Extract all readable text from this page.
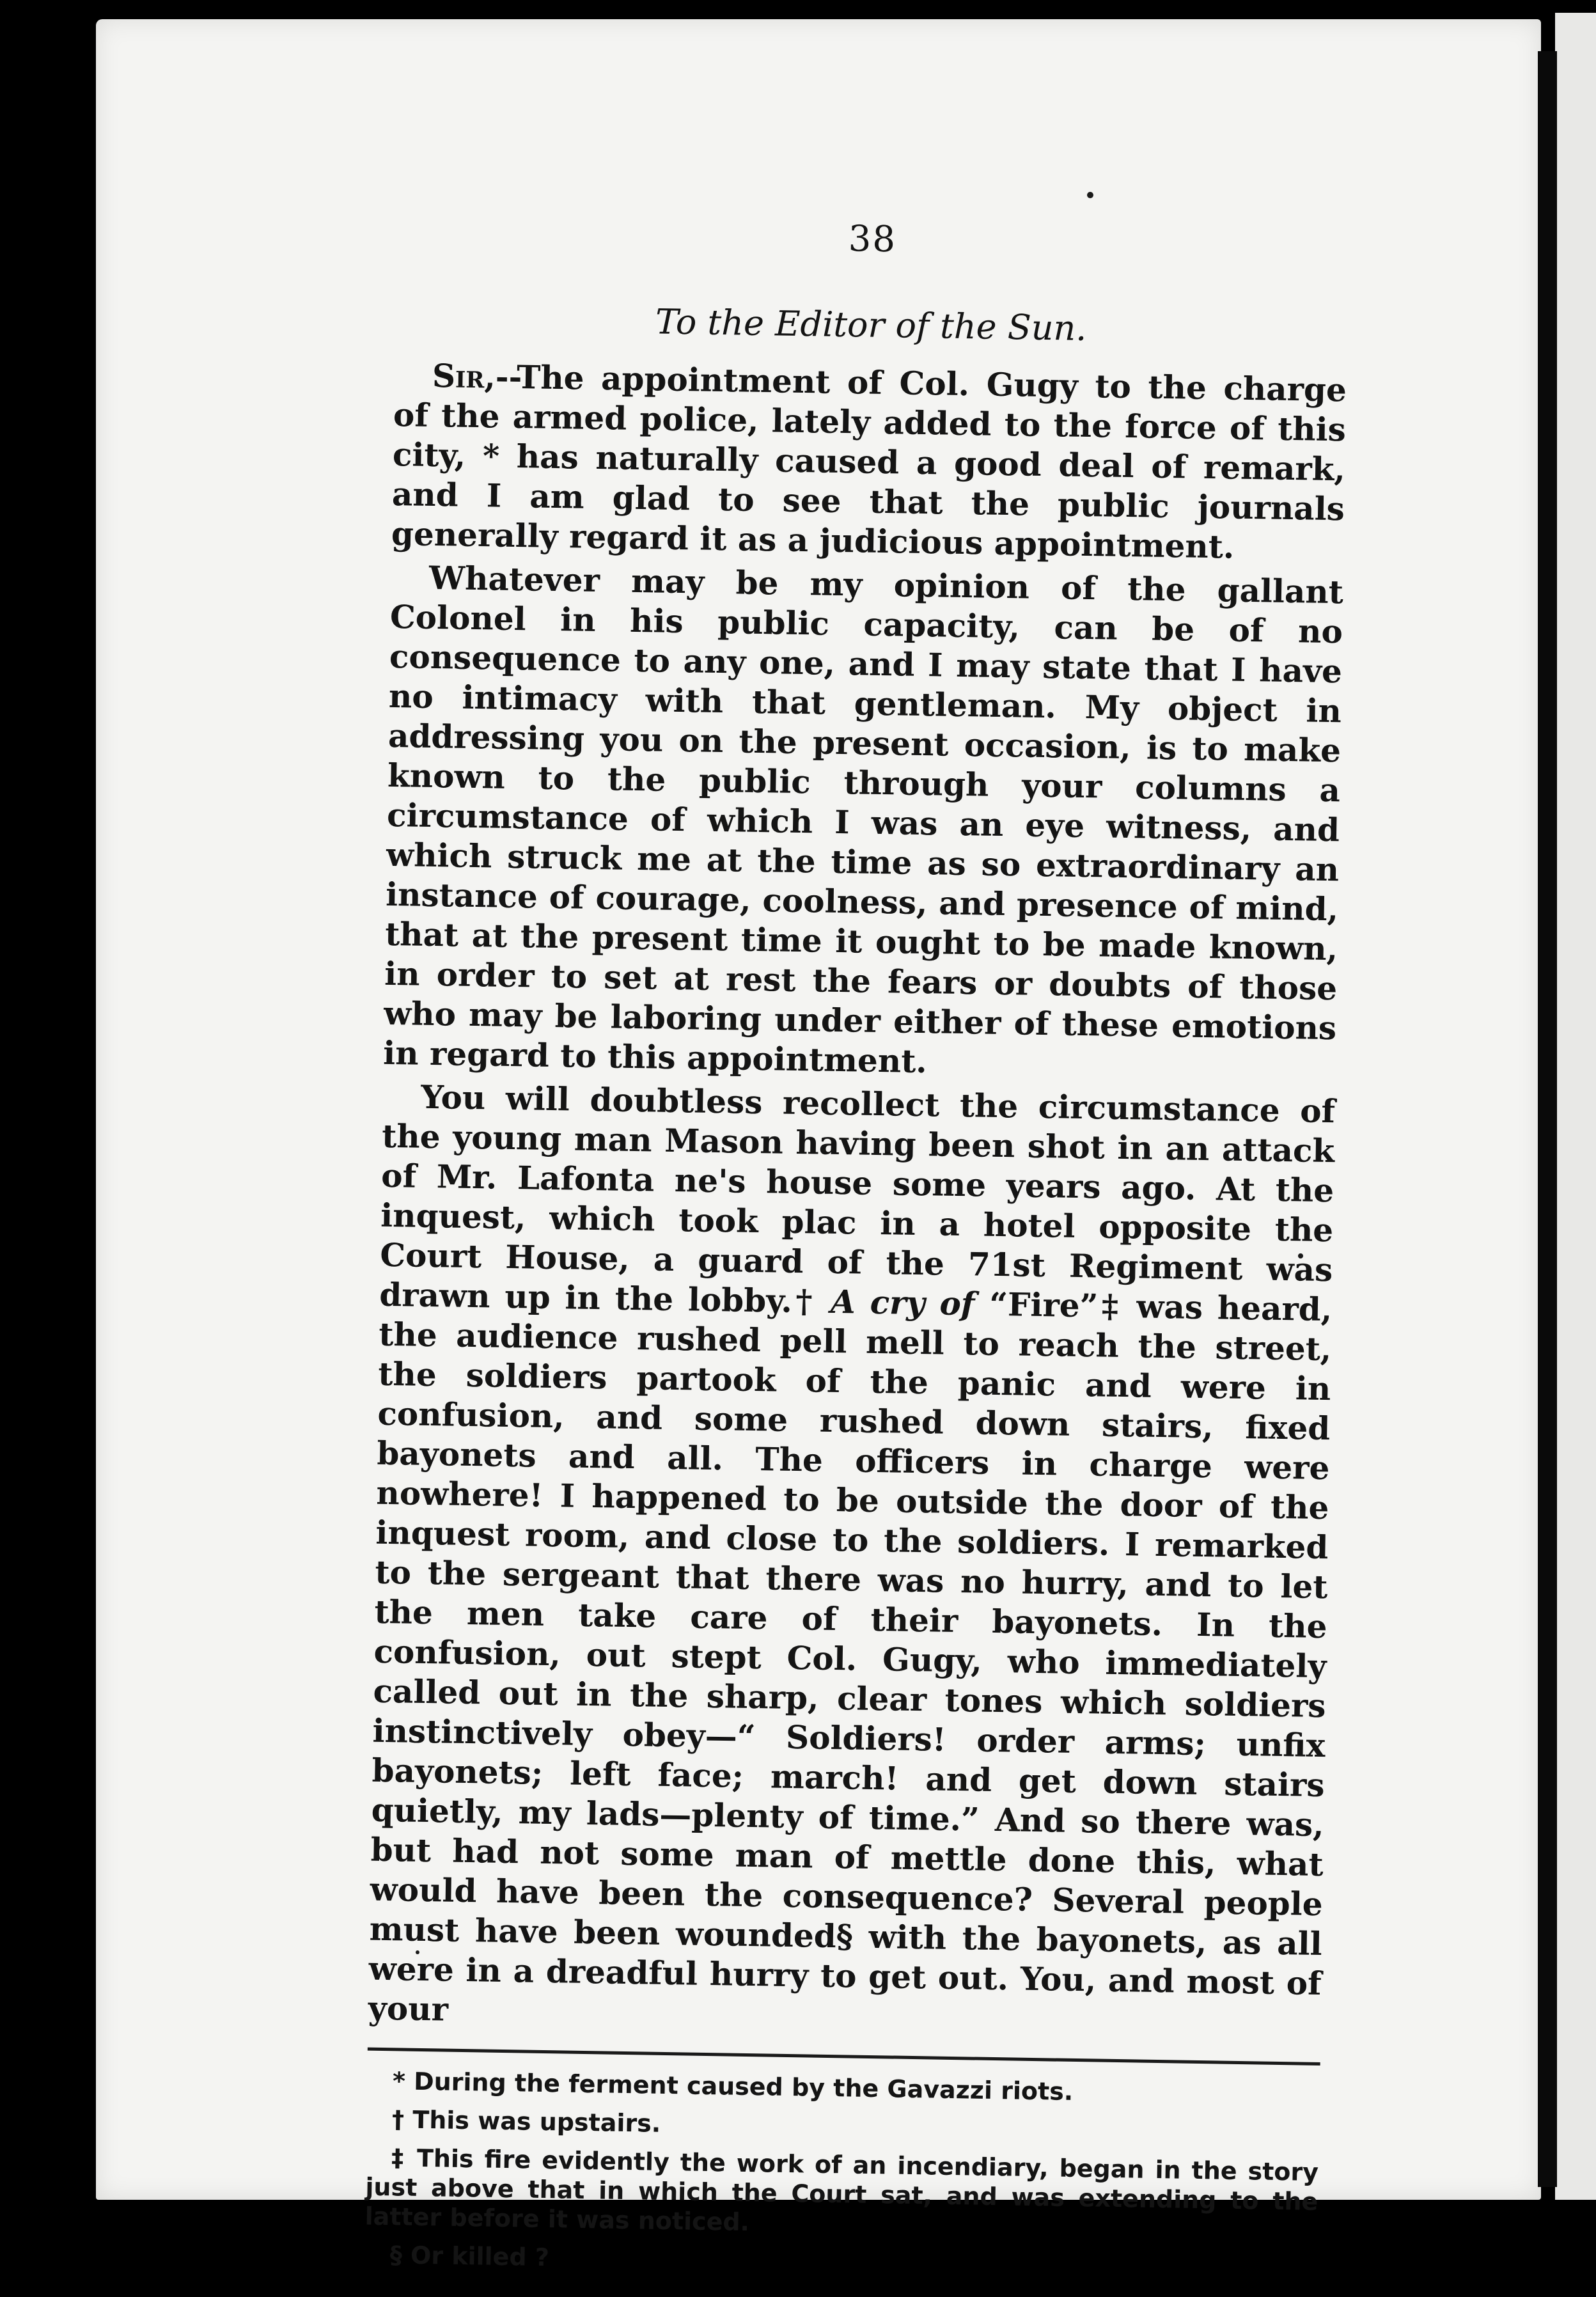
38
To the Editor of the Sun.

Sir,--The appointment of Col. Gugy to the charge of the armed police, lately added to the force of this city, * has naturally caused a good deal of remark, and I am glad to see that the public journals generally regard it as a judicious appointment.

Whatever may be my opinion of the gallant Colonel in his public capacity, can be of no consequence to any one, and I may state that I have no intimacy with that gentleman. My object in addressing you on the present occasion, is to make known to the public through your columns a circumstance of which I was an eye witness, and which struck me at the time as so extraordinary an instance of courage, coolness, and presence of mind, that at the present time it ought to be made known, in order to set at rest the fears or doubts of those who may be laboring under either of these emotions in regard to this appointment.

You will doubtless recollect the circumstance of the young man Mason having been shot in an attack of Mr. Lafonta ne's house some years ago. At the inquest, which took plac in a hotel opposite the Court House, a guard of the 71st Regiment was drawn up in the lobby.† A cry of “Fire”‡ was heard, the audience rushed pell mell to reach the street, the soldiers partook of the panic and were in confusion, and some rushed down stairs, fixed bayonets and all. The officers in charge were nowhere! I happened to be outside the door of the inquest room, and close to the soldiers. I remarked to the sergeant that there was no hurry, and to let the men take care of their bayonets. In the confusion, out stept Col. Gugy, who immediately called out in the sharp, clear tones which soldiers instinctively obey—“ Soldiers! order arms; unfix bayonets; left face; march! and get down stairs quietly, my lads—plenty of time.” And so there was, but had not some man of mettle done this, what would have been the consequence? Several people must have been wounded§ with the bayonets, as all were in a dreadful hurry to get out. You, and most of your

* During the ferment caused by the Gavazzi riots.

† This was upstairs.

‡ This fire evidently the work of an incendiary, began in the story just above that in which the Court sat, and was extending to the latter before it was noticed.

§ Or killed ?
